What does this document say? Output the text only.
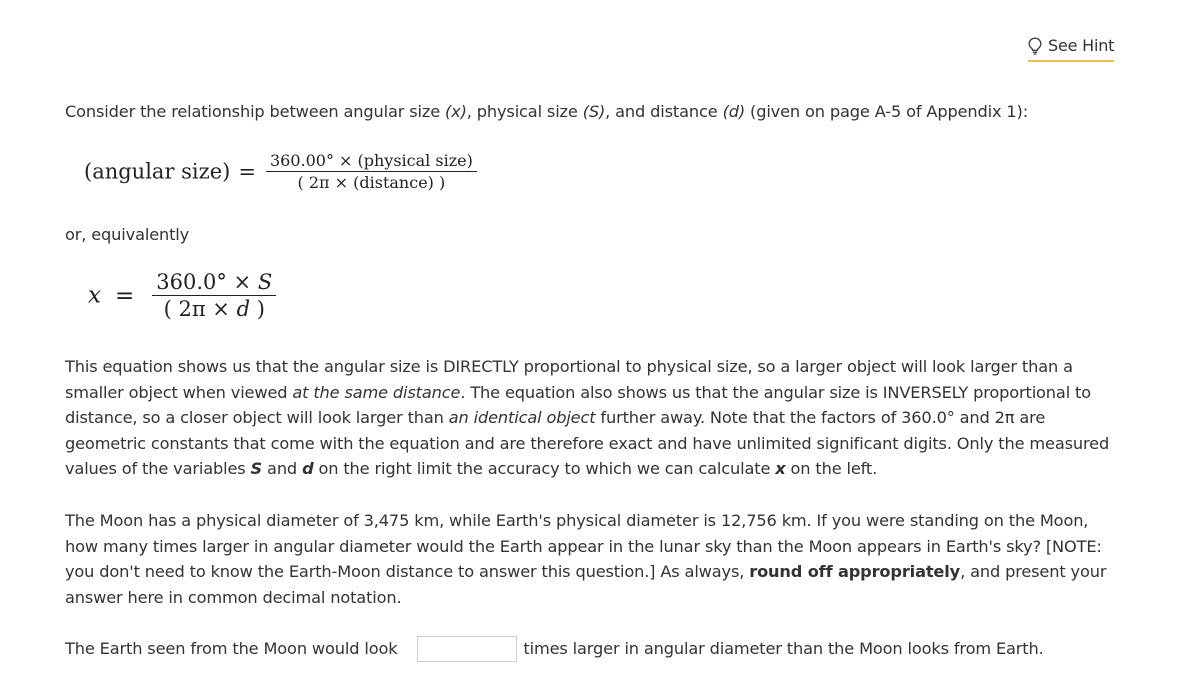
See Hint

Consider the relationship between angular size (x), physical size (S), and distance (d) (given on page A-5 of Appendix 1):

(angular size) = $\frac{\text{360.00° × (physical size)}}{\text{( 2π × (distance) )}}$

or, equivalently

$x = \frac{360.0^\circ \times S}{( 2\pi \times d )}$

This equation shows us that the angular size is DIRECTLY proportional to physical size, so a larger object will look larger than a smaller object when viewed at the same distance. The equation also shows us that the angular size is INVERSELY proportional to distance, so a closer object will look larger than an identical object further away. Note that the factors of 360.0° and 2π are geometric constants that come with the equation and are therefore exact and have unlimited significant digits. Only the measured values of the variables S and d on the right limit the accuracy to which we can calculate x on the left.

The Moon has a physical diameter of 3,475 km, while Earth's physical diameter is 12,756 km. If you were standing on the Moon, how many times larger in angular diameter would the Earth appear in the lunar sky than the Moon appears in Earth's sky? [NOTE: you don't need to know the Earth-Moon distance to answer this question.] As always, round off appropriately, and present your answer here in common decimal notation.

The Earth seen from the Moon would look	times larger in angular diameter than the Moon looks from Earth.
